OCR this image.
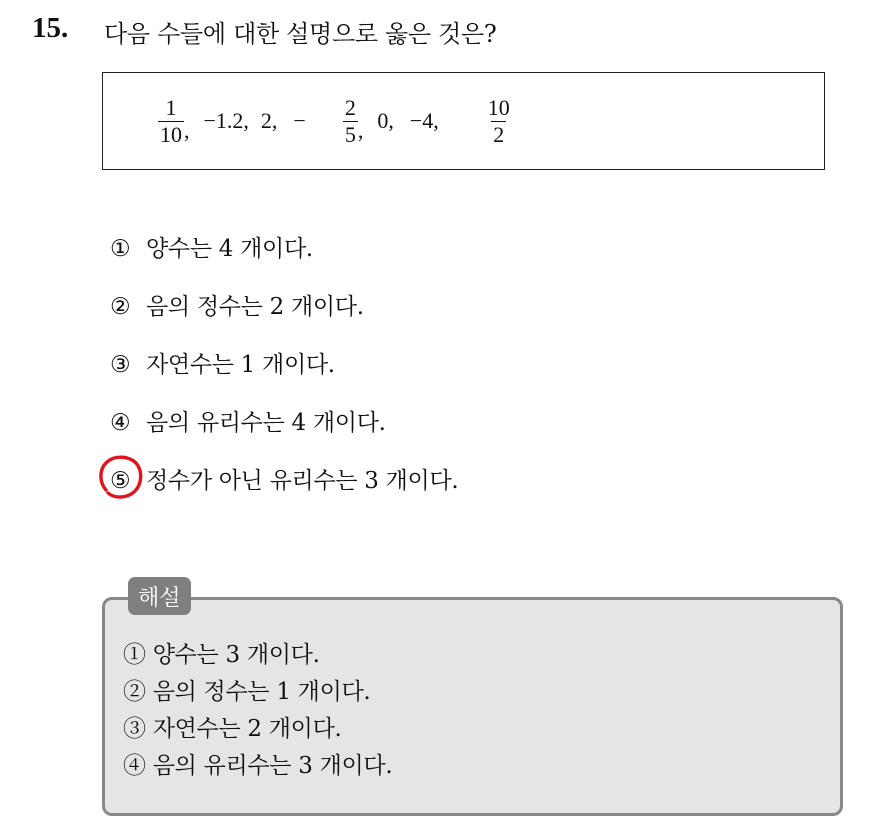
15. 다음 수들에 대한 설명으로 옳은 것은?

$\frac{1}{10}$ ,
−1.2, 2, −

$\frac{2}{5}$ ,
0, −4,

$\frac{10}{2}$

① 양수는 4 개이다.
② 음의 정수는 2 개이다.
③ 자연수는 1 개이다.
④ 음의 유리수는 4 개이다.
⑤ 정수가 아닌 유리수는 3 개이다.
해설
① 양수는 3 개이다.
② 음의 정수는 1 개이다.
③ 자연수는 2 개이다.
④ 음의 유리수는 3 개이다.
